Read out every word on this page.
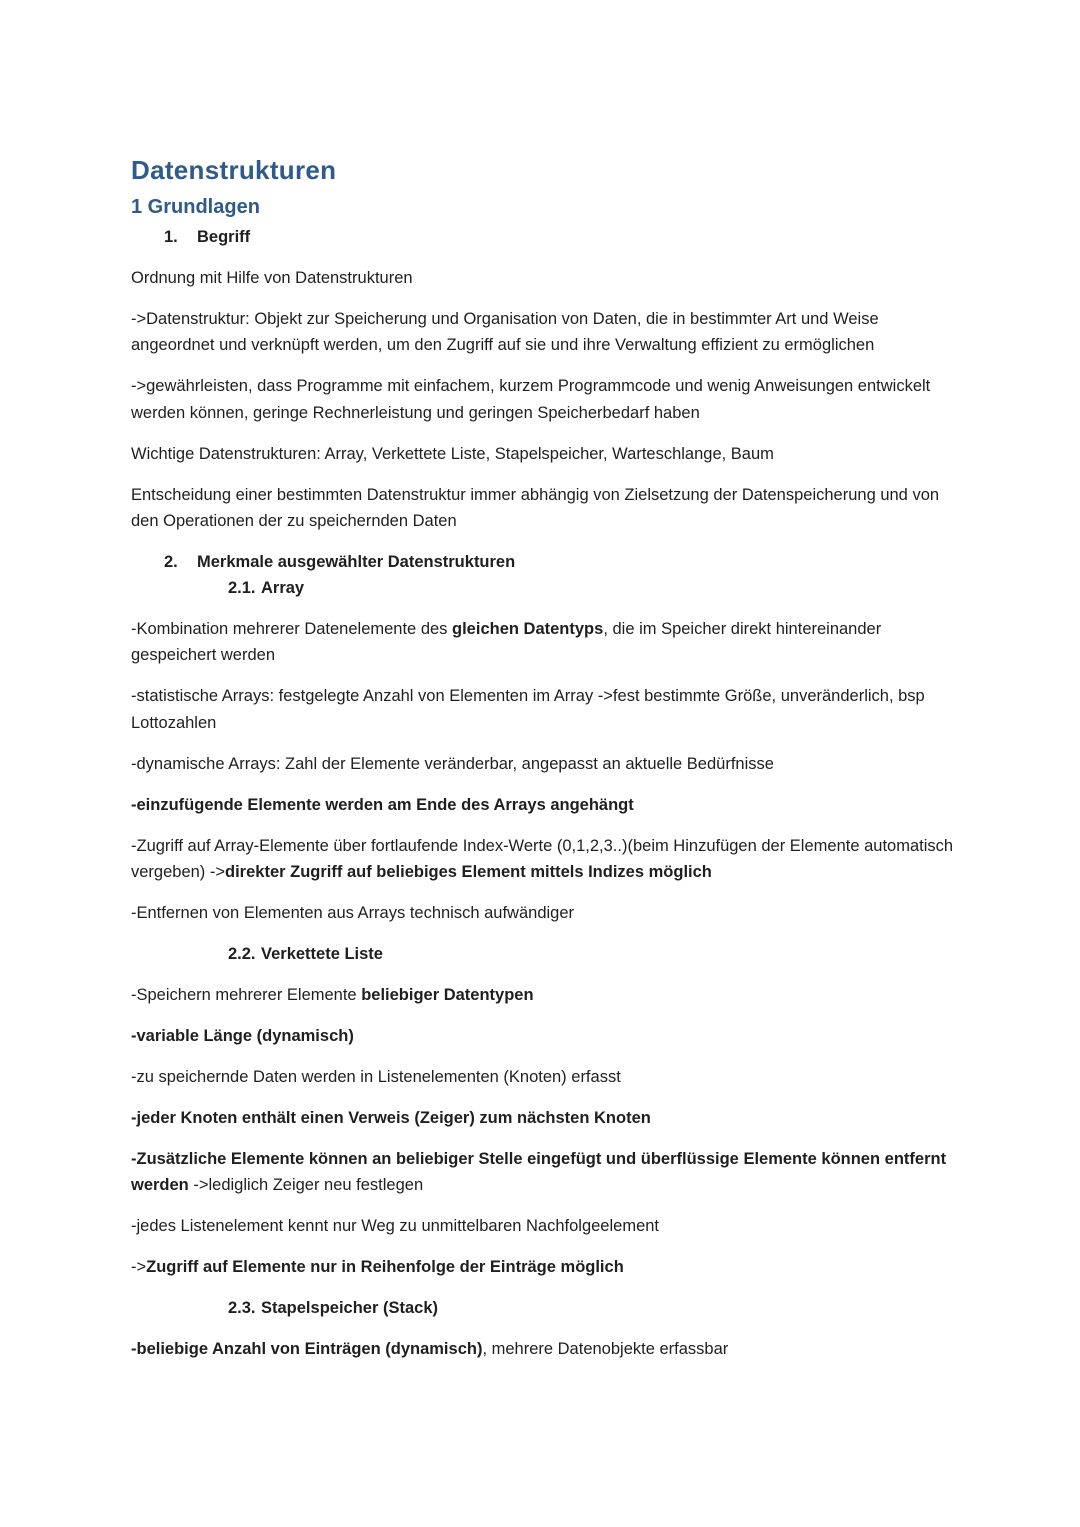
Datenstrukturen
1 Grundlagen
1. Begriff

Ordnung mit Hilfe von Datenstrukturen

->Datenstruktur: Objekt zur Speicherung und Organisation von Daten, die in bestimmter Art und Weise angeordnet und verknüpft werden, um den Zugriff auf sie und ihre Verwaltung effizient zu ermöglichen

->gewährleisten, dass Programme mit einfachem, kurzem Programmcode und wenig Anweisungen entwickelt werden können, geringe Rechnerleistung und geringen Speicherbedarf haben

Wichtige Datenstrukturen: Array, Verkettete Liste, Stapelspeicher, Warteschlange, Baum

Entscheidung einer bestimmten Datenstruktur immer abhängig von Zielsetzung der Datenspeicherung und von den Operationen der zu speichernden Daten

2. Merkmale ausgewählter Datenstrukturen
2.1. Array

-Kombination mehrerer Datenelemente des gleichen Datentyps, die im Speicher direkt hintereinander gespeichert werden

-statistische Arrays: festgelegte Anzahl von Elementen im Array ->fest bestimmte Größe, unveränderlich, bsp Lottozahlen

-dynamische Arrays: Zahl der Elemente veränderbar, angepasst an aktuelle Bedürfnisse

-einzufügende Elemente werden am Ende des Arrays angehängt

-Zugriff auf Array-Elemente über fortlaufende Index-Werte (0,1,2,3..)(beim Hinzufügen der Elemente automatisch vergeben) ->direkter Zugriff auf beliebiges Element mittels Indizes möglich

-Entfernen von Elementen aus Arrays technisch aufwändiger

2.2. Verkettete Liste

-Speichern mehrerer Elemente beliebiger Datentypen

-variable Länge (dynamisch)

-zu speichernde Daten werden in Listenelementen (Knoten) erfasst

-jeder Knoten enthält einen Verweis (Zeiger) zum nächsten Knoten

-Zusätzliche Elemente können an beliebiger Stelle eingefügt und überflüssige Elemente können entfernt werden ->lediglich Zeiger neu festlegen

-jedes Listenelement kennt nur Weg zu unmittelbaren Nachfolgeelement

->Zugriff auf Elemente nur in Reihenfolge der Einträge möglich

2.3. Stapelspeicher (Stack)

-beliebige Anzahl von Einträgen (dynamisch), mehrere Datenobjekte erfassbar
